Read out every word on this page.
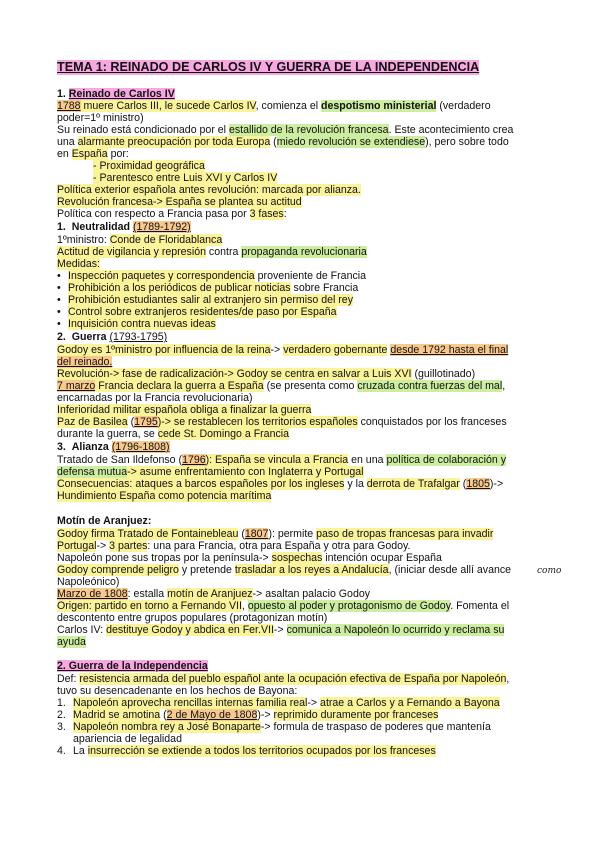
TEMA 1: REINADO DE CARLOS IV Y GUERRA DE LA INDEPENDENCIA
1. Reinado de Carlos IV
1788 muere Carlos III, le sucede Carlos IV, comienza el despotismo ministerial (verdadero
poder=1º ministro)
Su reinado está condicionado por el estallido de la revolución francesa. Este acontecimiento crea
una alarmante preocupación por toda Europa (miedo revolución se extendiese), pero sobre todo
en España por:
- Proximidad geográfica
- Parentesco entre Luis XVI y Carlos IV
Política exterior española antes revolución: marcada por alianza.
Revolución francesa-> España se plantea su actitud
Política con respecto a Francia pasa por 3 fases:
1. Neutralidad (1789-1792)
1ºministro: Conde de Floridablanca
Actitud de vigilancia y represión contra propaganda revolucionaria
Medidas:
• Inspección paquetes y correspondencia proveniente de Francia
• Prohibición a los periódicos de publicar noticias sobre Francia
• Prohibición estudiantes salir al extranjero sin permiso del rey
• Control sobre extranjeros residentes/de paso por España
• Inquisición contra nuevas ideas
2. Guerra (1793-1795)
Godoy es 1ºministro por influencia de la reina-> verdadero gobernante desde 1792 hasta el final
del reinado.
Revolución-> fase de radicalización-> Godoy se centra en salvar a Luis XVI (guillotinado)
7 marzo Francia declara la guerra a España (se presenta como cruzada contra fuerzas del mal,
encarnadas por la Francia revolucionaria)
Inferioridad militar española obliga a finalizar la guerra
Paz de Basilea (1795)-> se restablecen los territorios españoles conquistados por los franceses
durante la guerra, se cede St. Domingo a Francia
3. Alianza (1796-1808)
Tratado de San Ildefonso (1796): España se vincula a Francia en una política de colaboración y
defensa mutua-> asume enfrentamiento con Inglaterra y Portugal
Consecuencias: ataques a barcos españoles por los ingleses y la derrota de Trafalgar (1805)->
Hundimiento España como potencia marítima
Motín de Aranjuez:
Godoy firma Tratado de Fontainebleau (1807): permite paso de tropas francesas para invadir
Portugal-> 3 partes: una para Francia, otra para España y otra para Godoy.
Napoleón pone sus tropas por la península-> sospechas intención ocupar España
Godoy comprende peligro y pretende trasladar a los reyes a Andalucía, (iniciar desde allí avance	como
Napoleónico)
Marzo de 1808: estalla motín de Aranjuez-> asaltan palacio Godoy
Origen: partido en torno a Fernando VII, opuesto al poder y protagonismo de Godoy. Fomenta el
descontento entre grupos populares (protagonizan motín)
Carlos IV: destituye Godoy y abdica en Fer.VII-> comunica a Napoleón lo ocurrido y reclama su
ayuda
2. Guerra de la Independencia
Def: resistencia armada del pueblo español ante la ocupación efectiva de España por Napoleón,
tuvo su desencadenante en los hechos de Bayona:
1. Napoleón aprovecha rencillas internas familia real-> atrae a Carlos y a Fernando a Bayona
2. Madrid se amotina (2 de Mayo de 1808)-> reprimido duramente por franceses
3. Napoleón nombra rey a José Bonaparte-> formula de traspaso de poderes que mantenía
apariencia de legalidad
4. La insurrección se extiende a todos los territorios ocupados por los franceses
